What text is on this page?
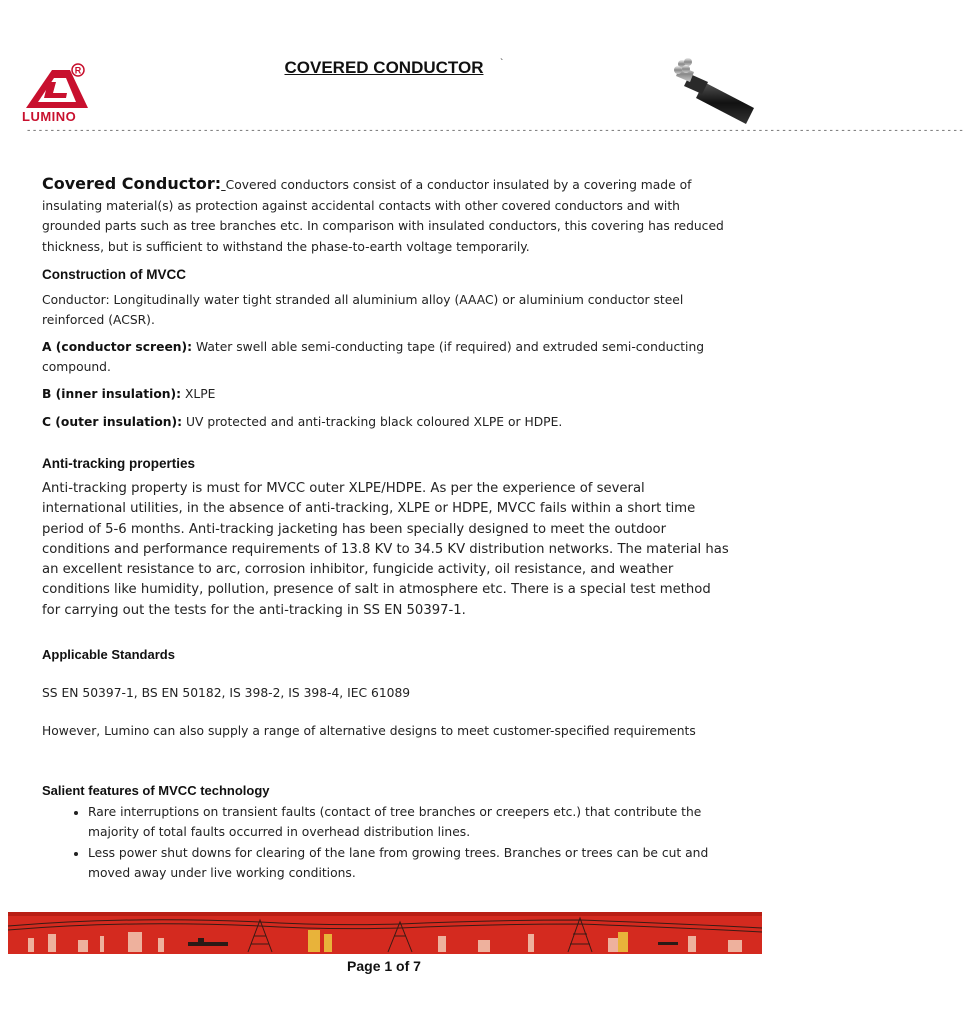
R
LUMINO
COVERED CONDUCTOR	`
---------------------------------------------------------------------------------------------------------------------------------------------------------------

Covered Conductor: Covered conductors consist of a conductor insulated by a covering made of insulating material(s) as protection against accidental contacts with other covered conductors and with grounded parts such as tree branches etc. In comparison with insulated conductors, this covering has reduced thickness, but is sufficient to withstand the phase-to-earth voltage temporarily.

Construction of MVCC

Conductor: Longitudinally water tight stranded all aluminium alloy (AAAC) or aluminium conductor steel reinforced (ACSR).

A (conductor screen): Water swell able semi-conducting tape (if required) and extruded semi-conducting compound.

B (inner insulation): XLPE

C (outer insulation): UV protected and anti-tracking black coloured XLPE or HDPE.

Anti-tracking properties

Anti-tracking property is must for MVCC outer XLPE/HDPE. As per the experience of several international utilities, in the absence of anti-tracking, XLPE or HDPE, MVCC fails within a short time period of 5-6 months. Anti-tracking jacketing has been specially designed to meet the outdoor conditions and performance requirements of 13.8 KV to 34.5 KV distribution networks. The material has an excellent resistance to arc, corrosion inhibitor, fungicide activity, oil resistance, and weather conditions like humidity, pollution, presence of salt in atmosphere etc. There is a special test method for carrying out the tests for the anti-tracking in SS EN 50397-1.

Applicable Standards

SS EN 50397-1, BS EN 50182, IS 398-2, IS 398-4, IEC 61089

However, Lumino can also supply a range of alternative designs to meet customer-specified requirements

Salient features of MVCC technology
• Rare interruptions on transient faults (contact of tree branches or creepers etc.) that contribute the majority of total faults occurred in overhead distribution lines.
• Less power shut downs for clearing of the lane from growing trees. Branches or trees can be cut and moved away under live working conditions.
Page 1 of 7
